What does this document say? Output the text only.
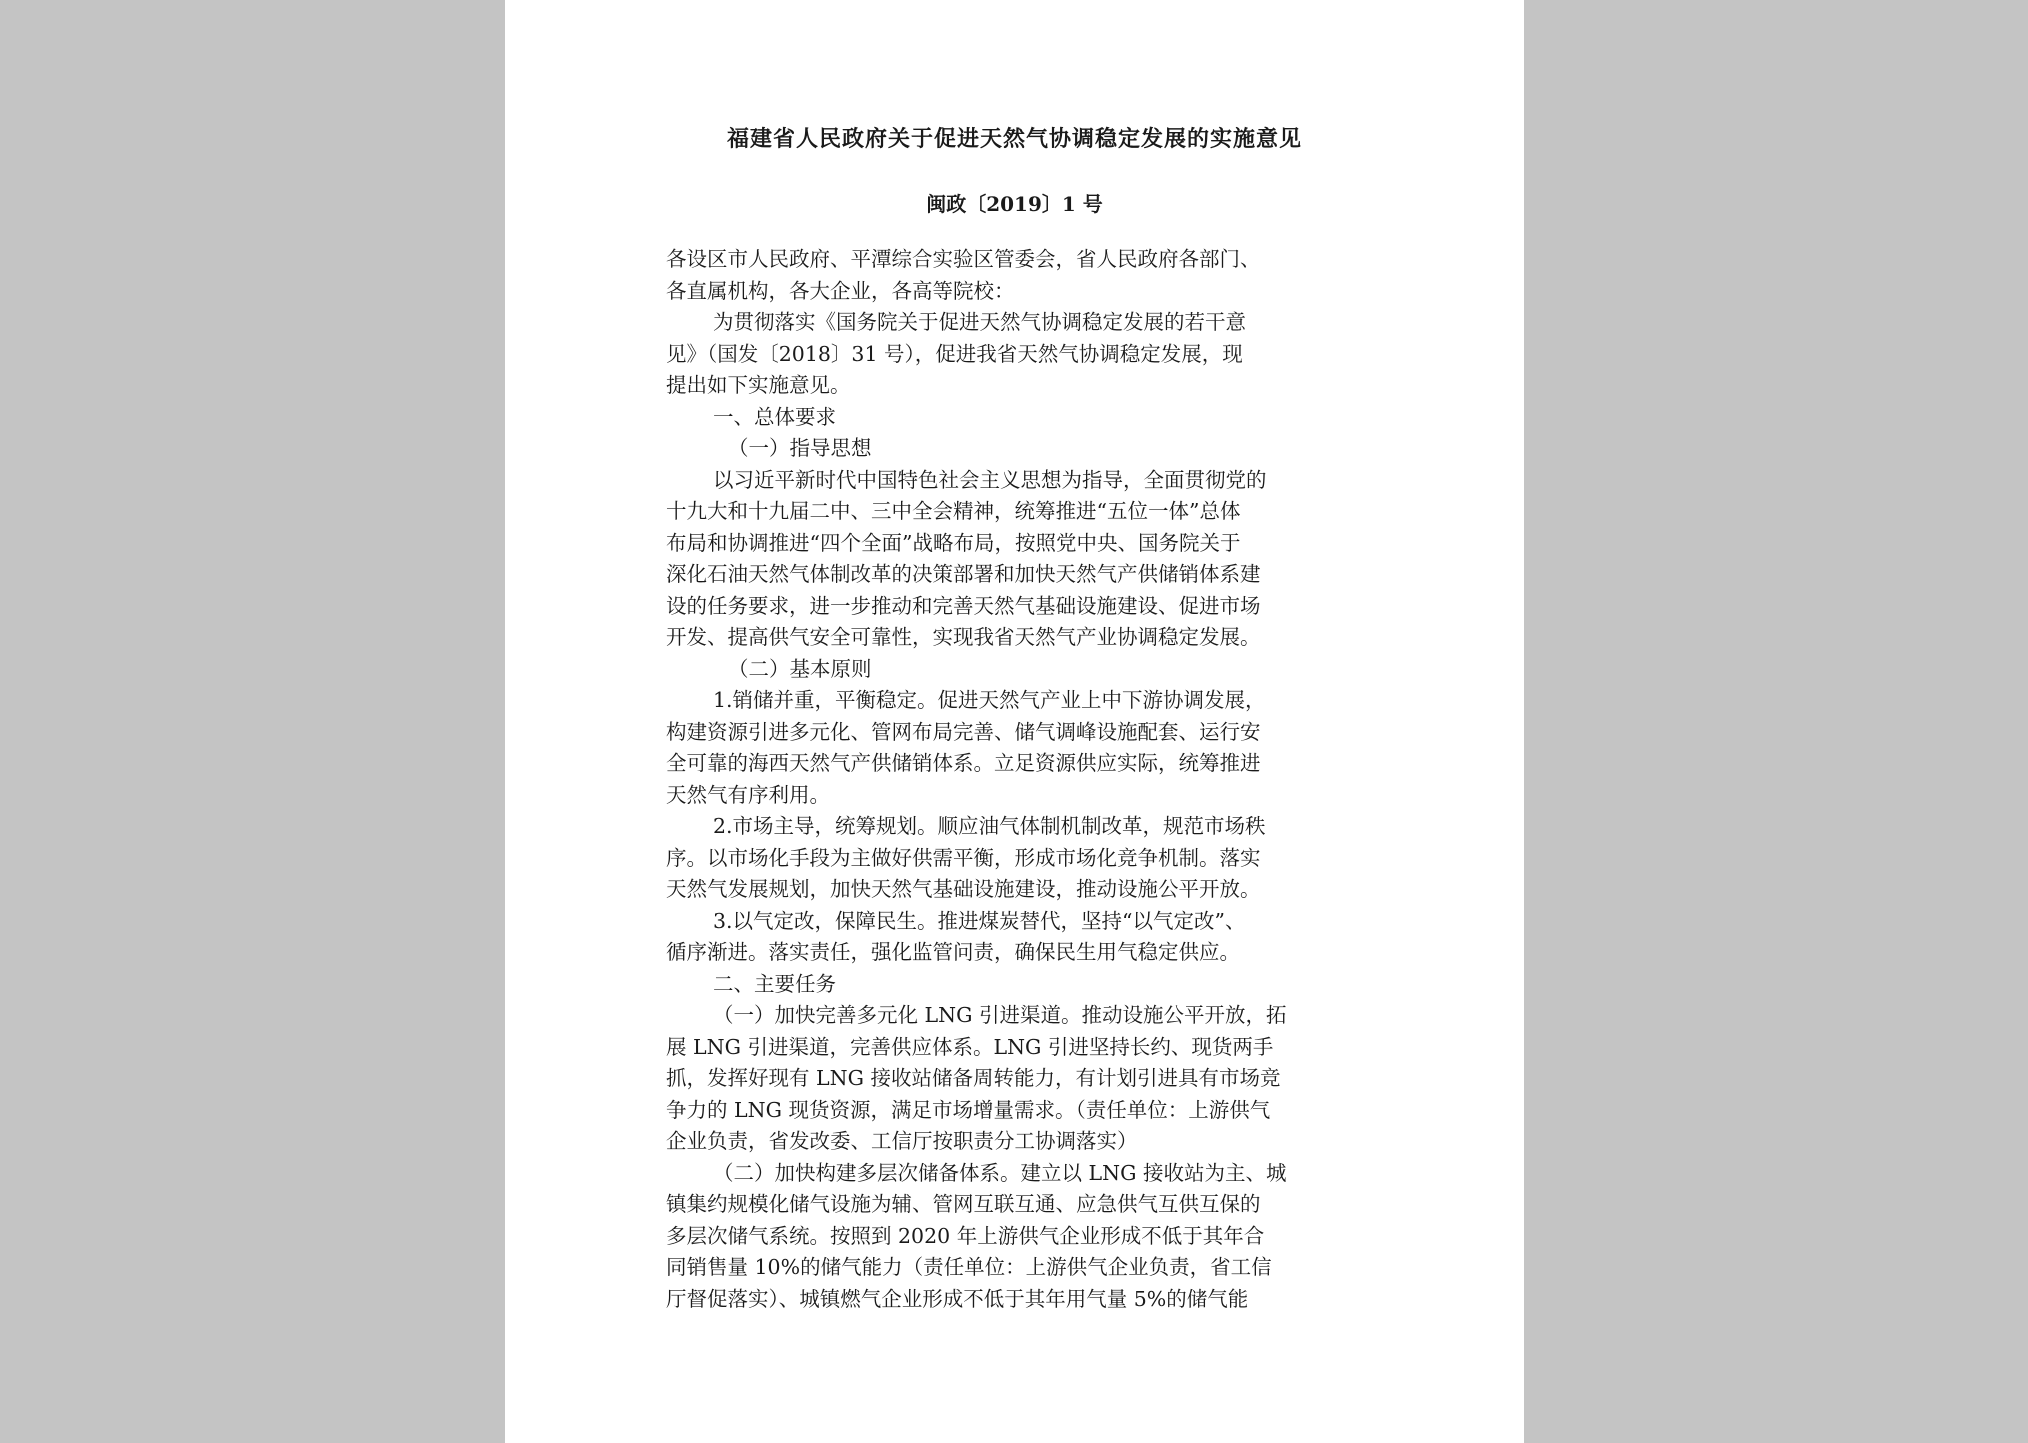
福建省人民政府关于促进天然气协调稳定发展的实施意见
闽政〔2019〕1 号
各设区市人民政府、平潭综合实验区管委会，省人民政府各部门、
各直属机构，各大企业，各高等院校：
为贯彻落实《国务院关于促进天然气协调稳定发展的若干意
见》（国发〔2018〕31 号），促进我省天然气协调稳定发展，现
提出如下实施意见。
一、总体要求
（一）指导思想
以习近平新时代中国特色社会主义思想为指导，全面贯彻党的
十九大和十九届二中、三中全会精神，统筹推进“五位一体”总体
布局和协调推进“四个全面”战略布局，按照党中央、国务院关于
深化石油天然气体制改革的决策部署和加快天然气产供储销体系建
设的任务要求，进一步推动和完善天然气基础设施建设、促进市场
开发、提高供气安全可靠性，实现我省天然气产业协调稳定发展。
（二）基本原则
1.销储并重，平衡稳定。促进天然气产业上中下游协调发展，
构建资源引进多元化、管网布局完善、储气调峰设施配套、运行安
全可靠的海西天然气产供储销体系。立足资源供应实际，统筹推进
天然气有序利用。
2.市场主导，统筹规划。顺应油气体制机制改革，规范市场秩
序。以市场化手段为主做好供需平衡，形成市场化竞争机制。落实
天然气发展规划，加快天然气基础设施建设，推动设施公平开放。
3.以气定改，保障民生。推进煤炭替代，坚持“以气定改”、
循序渐进。落实责任，强化监管问责，确保民生用气稳定供应。
二、主要任务
（一）加快完善多元化 LNG 引进渠道。推动设施公平开放，拓
展 LNG 引进渠道，完善供应体系。LNG 引进坚持长约、现货两手
抓，发挥好现有 LNG 接收站储备周转能力，有计划引进具有市场竞
争力的 LNG 现货资源，满足市场增量需求。（责任单位：上游供气
企业负责，省发改委、工信厅按职责分工协调落实）
（二）加快构建多层次储备体系。建立以 LNG 接收站为主、城
镇集约规模化储气设施为辅、管网互联互通、应急供气互供互保的
多层次储气系统。按照到 2020 年上游供气企业形成不低于其年合
同销售量 10%的储气能力（责任单位：上游供气企业负责，省工信
厅督促落实）、城镇燃气企业形成不低于其年用气量 5%的储气能
